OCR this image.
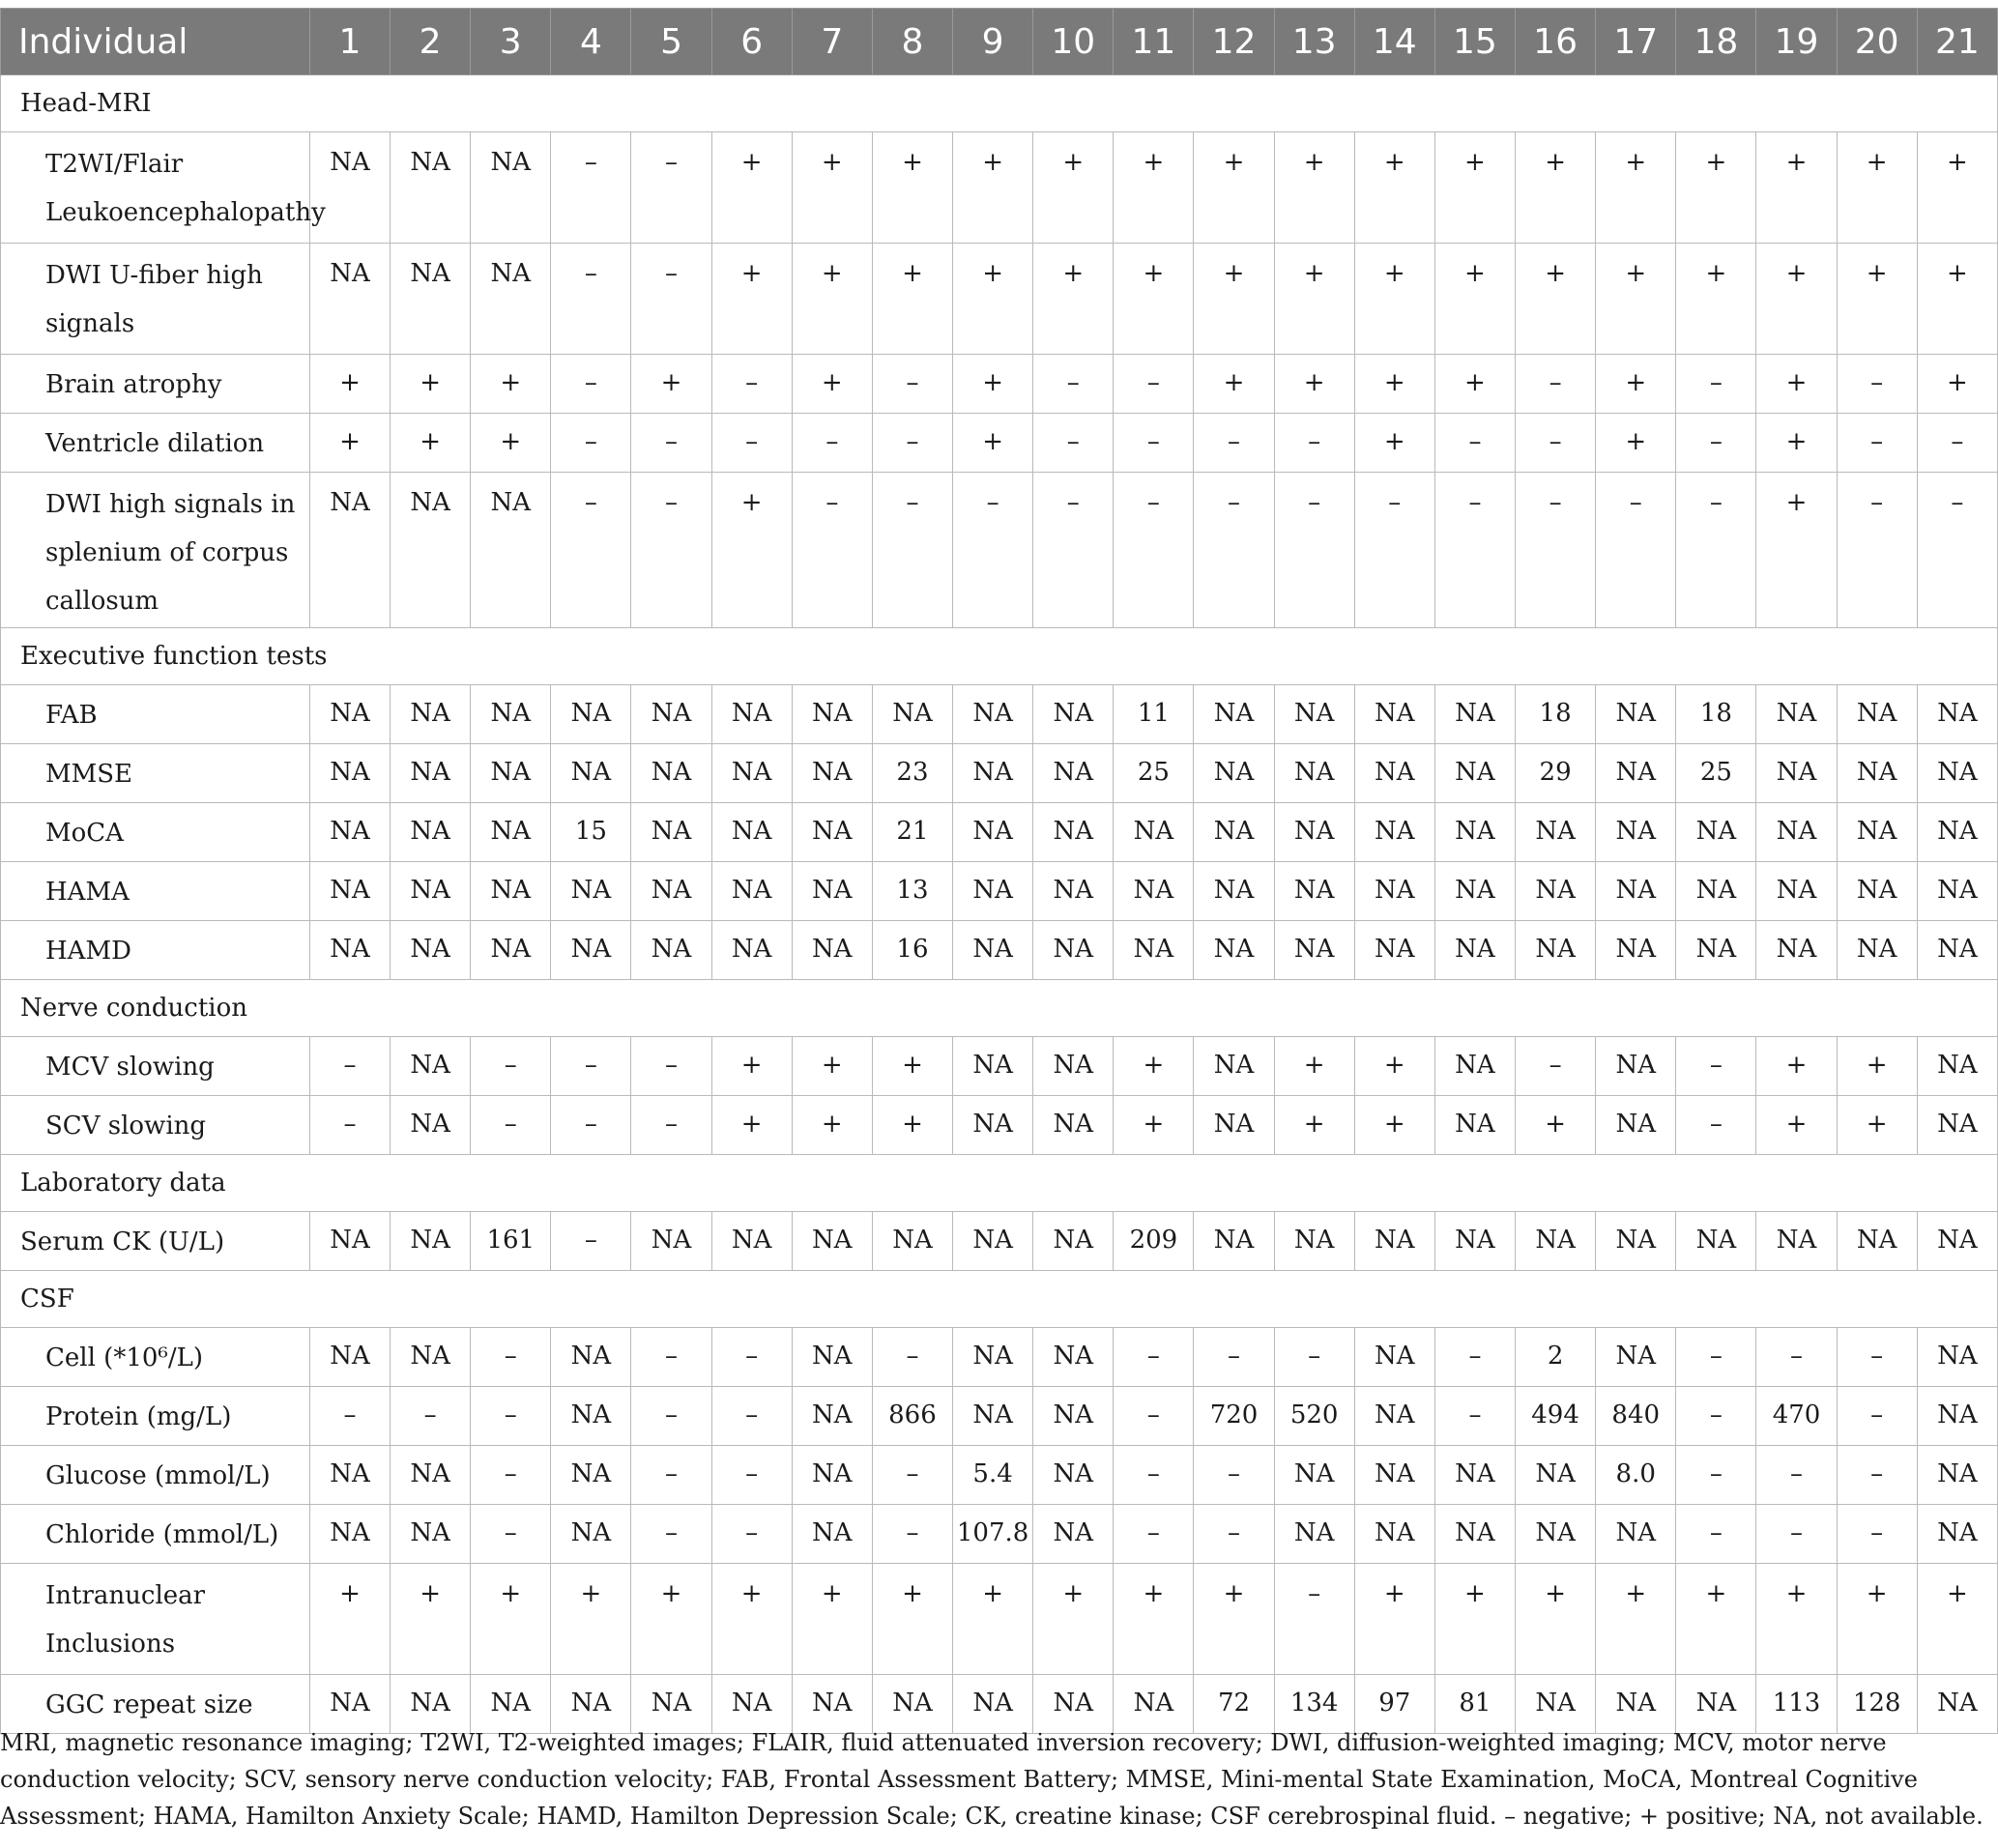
Individual	1	2	3	4	5	6	7	8	9	10	11	12	13	14	15	16	17	18	19	20	21
Head-MRI																					
T2WI/Flair Leukoencephalopathy	NA	NA	NA	–	–	+	+	+	+	+	+	+	+	+	+	+	+	+	+	+	+
DWI U-fiber high signals	NA	NA	NA	–	–	+	+	+	+	+	+	+	+	+	+	+	+	+	+	+	+
Brain atrophy	+	+	+	–	+	–	+	–	+	–	–	+	+	+	+	–	+	–	+	–	+
Ventricle dilation	+	+	+	–	–	–	–	–	+	–	–	–	–	+	–	–	+	–	+	–	–
DWI high signals in splenium of corpus callosum	NA	NA	NA	–	–	+	–	–	–	–	–	–	–	–	–	–	–	–	+	–	–
Executive function tests																					
FAB	NA	NA	NA	NA	NA	NA	NA	NA	NA	NA	11	NA	NA	NA	NA	18	NA	18	NA	NA	NA
MMSE	NA	NA	NA	NA	NA	NA	NA	23	NA	NA	25	NA	NA	NA	NA	29	NA	25	NA	NA	NA
MoCA	NA	NA	NA	15	NA	NA	NA	21	NA	NA	NA	NA	NA	NA	NA	NA	NA	NA	NA	NA	NA
HAMA	NA	NA	NA	NA	NA	NA	NA	13	NA	NA	NA	NA	NA	NA	NA	NA	NA	NA	NA	NA	NA
HAMD	NA	NA	NA	NA	NA	NA	NA	16	NA	NA	NA	NA	NA	NA	NA	NA	NA	NA	NA	NA	NA
Nerve conduction																					
MCV slowing	–	NA	–	–	–	+	+	+	NA	NA	+	NA	+	+	NA	–	NA	–	+	+	NA
SCV slowing	–	NA	–	–	–	+	+	+	NA	NA	+	NA	+	+	NA	+	NA	–	+	+	NA
Laboratory data																					
Serum CK (U/L)	NA	NA	161	–	NA	NA	NA	NA	NA	NA	209	NA	NA	NA	NA	NA	NA	NA	NA	NA	NA
CSF																					
Cell (*10⁶/L)	NA	NA	–	NA	–	–	NA	–	NA	NA	–	–	–	NA	–	2	NA	–	–	–	NA
Protein (mg/L)	–	–	–	NA	–	–	NA	866	NA	NA	–	720	520	NA	–	494	840	–	470	–	NA
Glucose (mmol/L)	NA	NA	–	NA	–	–	NA	–	5.4	NA	–	–	NA	NA	NA	NA	8.0	–	–	–	NA
Chloride (mmol/L)	NA	NA	–	NA	–	–	NA	–	107.8	NA	–	–	NA	NA	NA	NA	NA	–	–	–	NA
Intranuclear Inclusions	+	+	+	+	+	+	+	+	+	+	+	+	–	+	+	+	+	+	+	+	+
GGC repeat size	NA	NA	NA	NA	NA	NA	NA	NA	NA	NA	NA	72	134	97	81	NA	NA	NA	113	128	NA
MRI, magnetic resonance imaging; T2WI, T2-weighted images; FLAIR, fluid attenuated inversion recovery; DWI, diffusion-weighted imaging; MCV, motor nerve conduction velocity; SCV, sensory nerve conduction velocity; FAB, Frontal Assessment Battery; MMSE, Mini-mental State Examination, MoCA, Montreal Cognitive Assessment; HAMA, Hamilton Anxiety Scale; HAMD, Hamilton Depression Scale; CK, creatine kinase; CSF cerebrospinal fluid. – negative; + positive; NA, not available.
